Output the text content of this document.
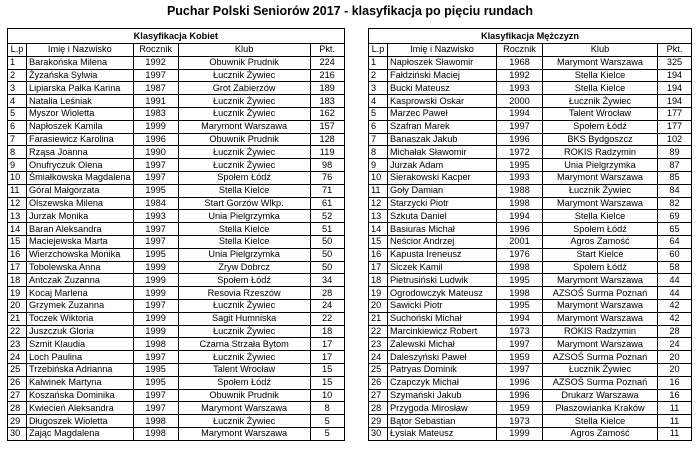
Puchar Polski Seniorów 2017 - klasyfikacja po pięciu rundach
Klasyfikacja Kobiet				
L.p	Imię i Nazwisko	Rocznik	Klub	Pkt.
1	Barakońska Milena	1992	Obuwnik Prudnik	224
2	Żyzańska Sylwia	1997	Łucznik Żywiec	216
3	Lipiarska Pałka Karina	1987	Grot Zabierzów	189
4	Natalia Leśniak	1991	Łucznik Żywiec	183
5	Myszor Wioletta	1983	Łucznik Żywiec	162
6	Napłoszek Kamila	1999	Marymont Warszawa	157
7	Farasiewicz Karolina	1996	Obuwnik Prudnik	128
8	Rząsa Joanna	1990	Łucznik Żywiec	119
9	Onufryczuk Olena	1997	Łucznik Żywiec	98
10	Śmiałkowska Magdalena	1997	Społem Łódź	76
11	Góral Małgorzata	1995	Stella Kielce	71
12	Olszewska Milena	1984	Start Gorzów Wlkp.	61
13	Jurzak Monika	1993	Unia Pielgrzymka	52
14	Baran Aleksandra	1997	Stella Kielce	51
15	Maciejewska Marta	1997	Stella Kielce	50
16	Wierzchowska Monika	1995	Unia Pielgrzymka	50
17	Tobolewska Anna	1999	Zryw Dobrcz	50
18	Antczak Zuzanna	1999	Społem Łódź	34
19	Kocaj Marlena	1999	Resovia Rzeszów	28
20	Grzymek Zuzanna	1997	Łucznik Żywiec	24
21	Toczek Wiktoria	1999	Sagit Humniska	22
22	Juszczuk Gloria	1999	Łucznik Żywiec	18
23	Szmit Klaudia	1998	Czarna Strzała Bytom	17
24	Loch Paulina	1997	Łucznik Żywiec	17
25	Trzebińska Adrianna	1995	Talent Wrocław	15
26	Kalwinek Martyna	1995	Społem Łódź	15
27	Koszańska Dominika	1997	Obuwnik Prudnik	10
28	Kwiecień Aleksandra	1997	Marymont Warszawa	8
29	Długoszek Wioletta	1998	Łucznik Żywiec	5
30	Zając Magdalena	1998	Marymont Warszawa	5
Klasyfikacja Mężczyzn				
L.p	Imię i Nazwisko	Rocznik	Klub	Pkt.
1	Napłoszek Sławomir	1968	Marymont Warszawa	325
2	Fałdziński Maciej	1992	Stella Kielce	194
3	Bucki Mateusz	1993	Stella Kielce	194
4	Kasprowski Oskar	2000	Łucznik Żywiec	194
5	Marzec Paweł	1994	Talent Wrocław	177
6	Szafran Marek	1997	Społem Łódź	177
7	Banaszak Jakub	1996	BKS Bydgoszcz	102
8	Michałak Sławomir	1972	ROKIS Radzymin	89
9	Jurzak Adam	1995	Unia Pielgrzymka	87
10	Sierakowski Kacper	1993	Marymont Warszawa	85
11	Goły Damian	1988	Łucznik Żywiec	84
12	Starzycki Piotr	1998	Marymont Warszawa	82
13	Szkuta Daniel	1994	Stella Kielce	69
14	Basiuras Michał	1996	Społem Łódź	65
15	Neścior Andrzej	2001	Agros Zamość	64
16	Kapusta Ireneusz	1976	Start Kielce	60
17	Siczek Kamil	1998	Społem Łódź	58
18	Pietrusiński Ludwik	1995	Marymont Warszawa	44
19	Ogrodowczyk Mateusz	1998	AZSOŚ Surma Poznań	44
20	Sawicki Piotr	1995	Marymont Warszawa	42
21	Suchoński Michał	1994	Marymont Warszawa	42
22	Marcinkiewicz Robert	1973	ROKIS Radzymin	28
23	Zalewski Michał	1997	Marymont Warszawa	24
24	Daleszyński Paweł	1959	AZSOŚ Surma Poznań	20
25	Patryas Dominik	1997	Łucznik Żywiec	20
26	Czapczyk Michał	1996	AZSOŚ Surma Poznań	16
27	Szymański Jakub	1996	Drukarz Warszawa	16
28	Przygoda Mirosław	1959	Płaszowianka Kraków	11
29	Bątor Sebastian	1973	Stella Kielce	11
30	Łysiak Mateusz	1999	Agros Zamość	11
